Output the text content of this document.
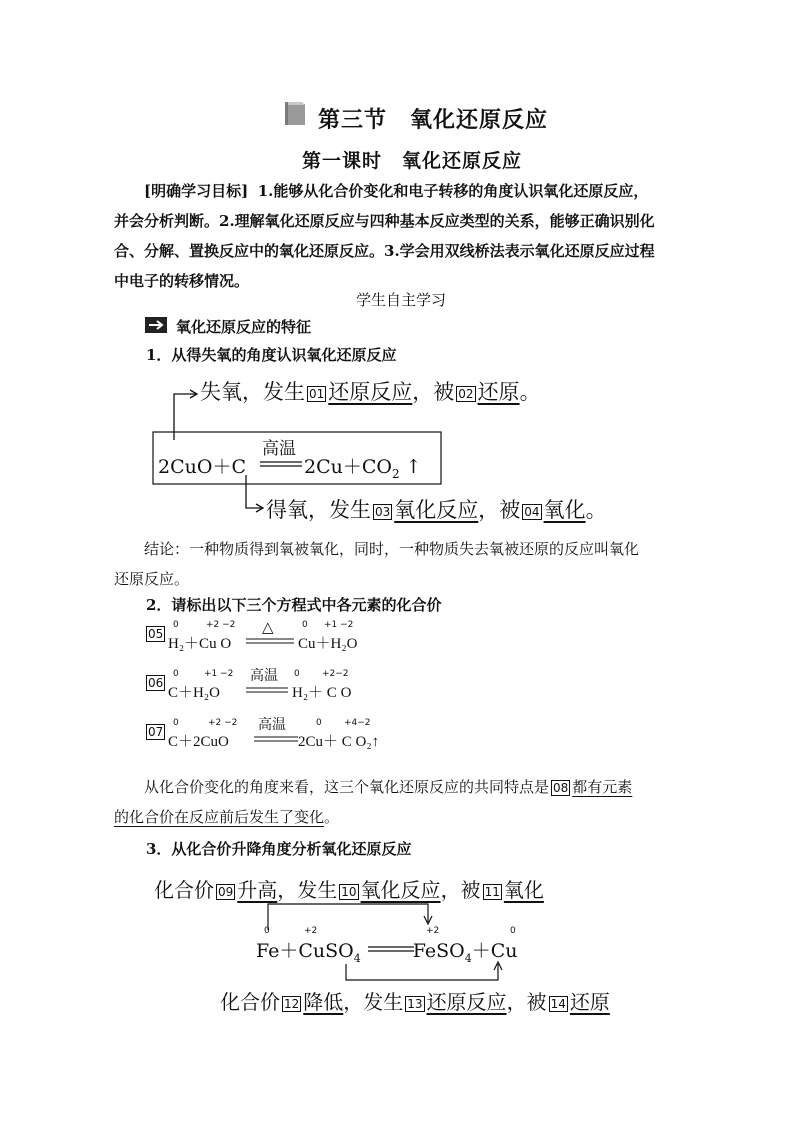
第三节　氧化还原反应
第一课时　氧化还原反应
[明确学习目标] 1.能够从化合价变化和电子转移的角度认识氧化还原反应，
并会分析判断。2.理解氧化还原反应与四种基本反应类型的关系，能够正确识别化
合、分解、置换反应中的氧化还原反应。3.学会用双线桥法表示氧化还原反应过程
中电子的转移情况。
学生自主学习
氧化还原反应的特征
1．从得失氧的角度认识氧化还原反应
失氧，发生 01 还原反应，被 02 还原。
2CuO＋C
高温
$2Cu+CO_2$ ↑
得氧，发生 03 氧化反应，被 04 氧化。
结论：一种物质得到氧被氧化，同时，一种物质失去氧被还原的反应叫氧化
还原反应。
2．请标出以下三个方程式中各元素的化合价
05
0	+2 −2	0 +1 −2
H₂＋Cu O
△
Cu＋H₂O
06
0	+1 −2	0 +2−2
C＋H₂O
高温
H₂＋ C O
07
0	+2 −2	0 +4−2
C＋2CuO
高温
2Cu＋ C O₂↑
从化合价变化的角度来看，这三个氧化还原反应的共同特点是 08 都有元素
的化合价在反应前后发生了变化。
3．从化合价升降角度分析氧化还原反应
化合价 09 升高，发生 10 氧化反应，被 11 氧化
0	+2	+2	0
Fe＋CuSO$_4$	FeSO$_4$＋Cu
化合价 12 降低，发生 13 还原反应，被 14 还原
